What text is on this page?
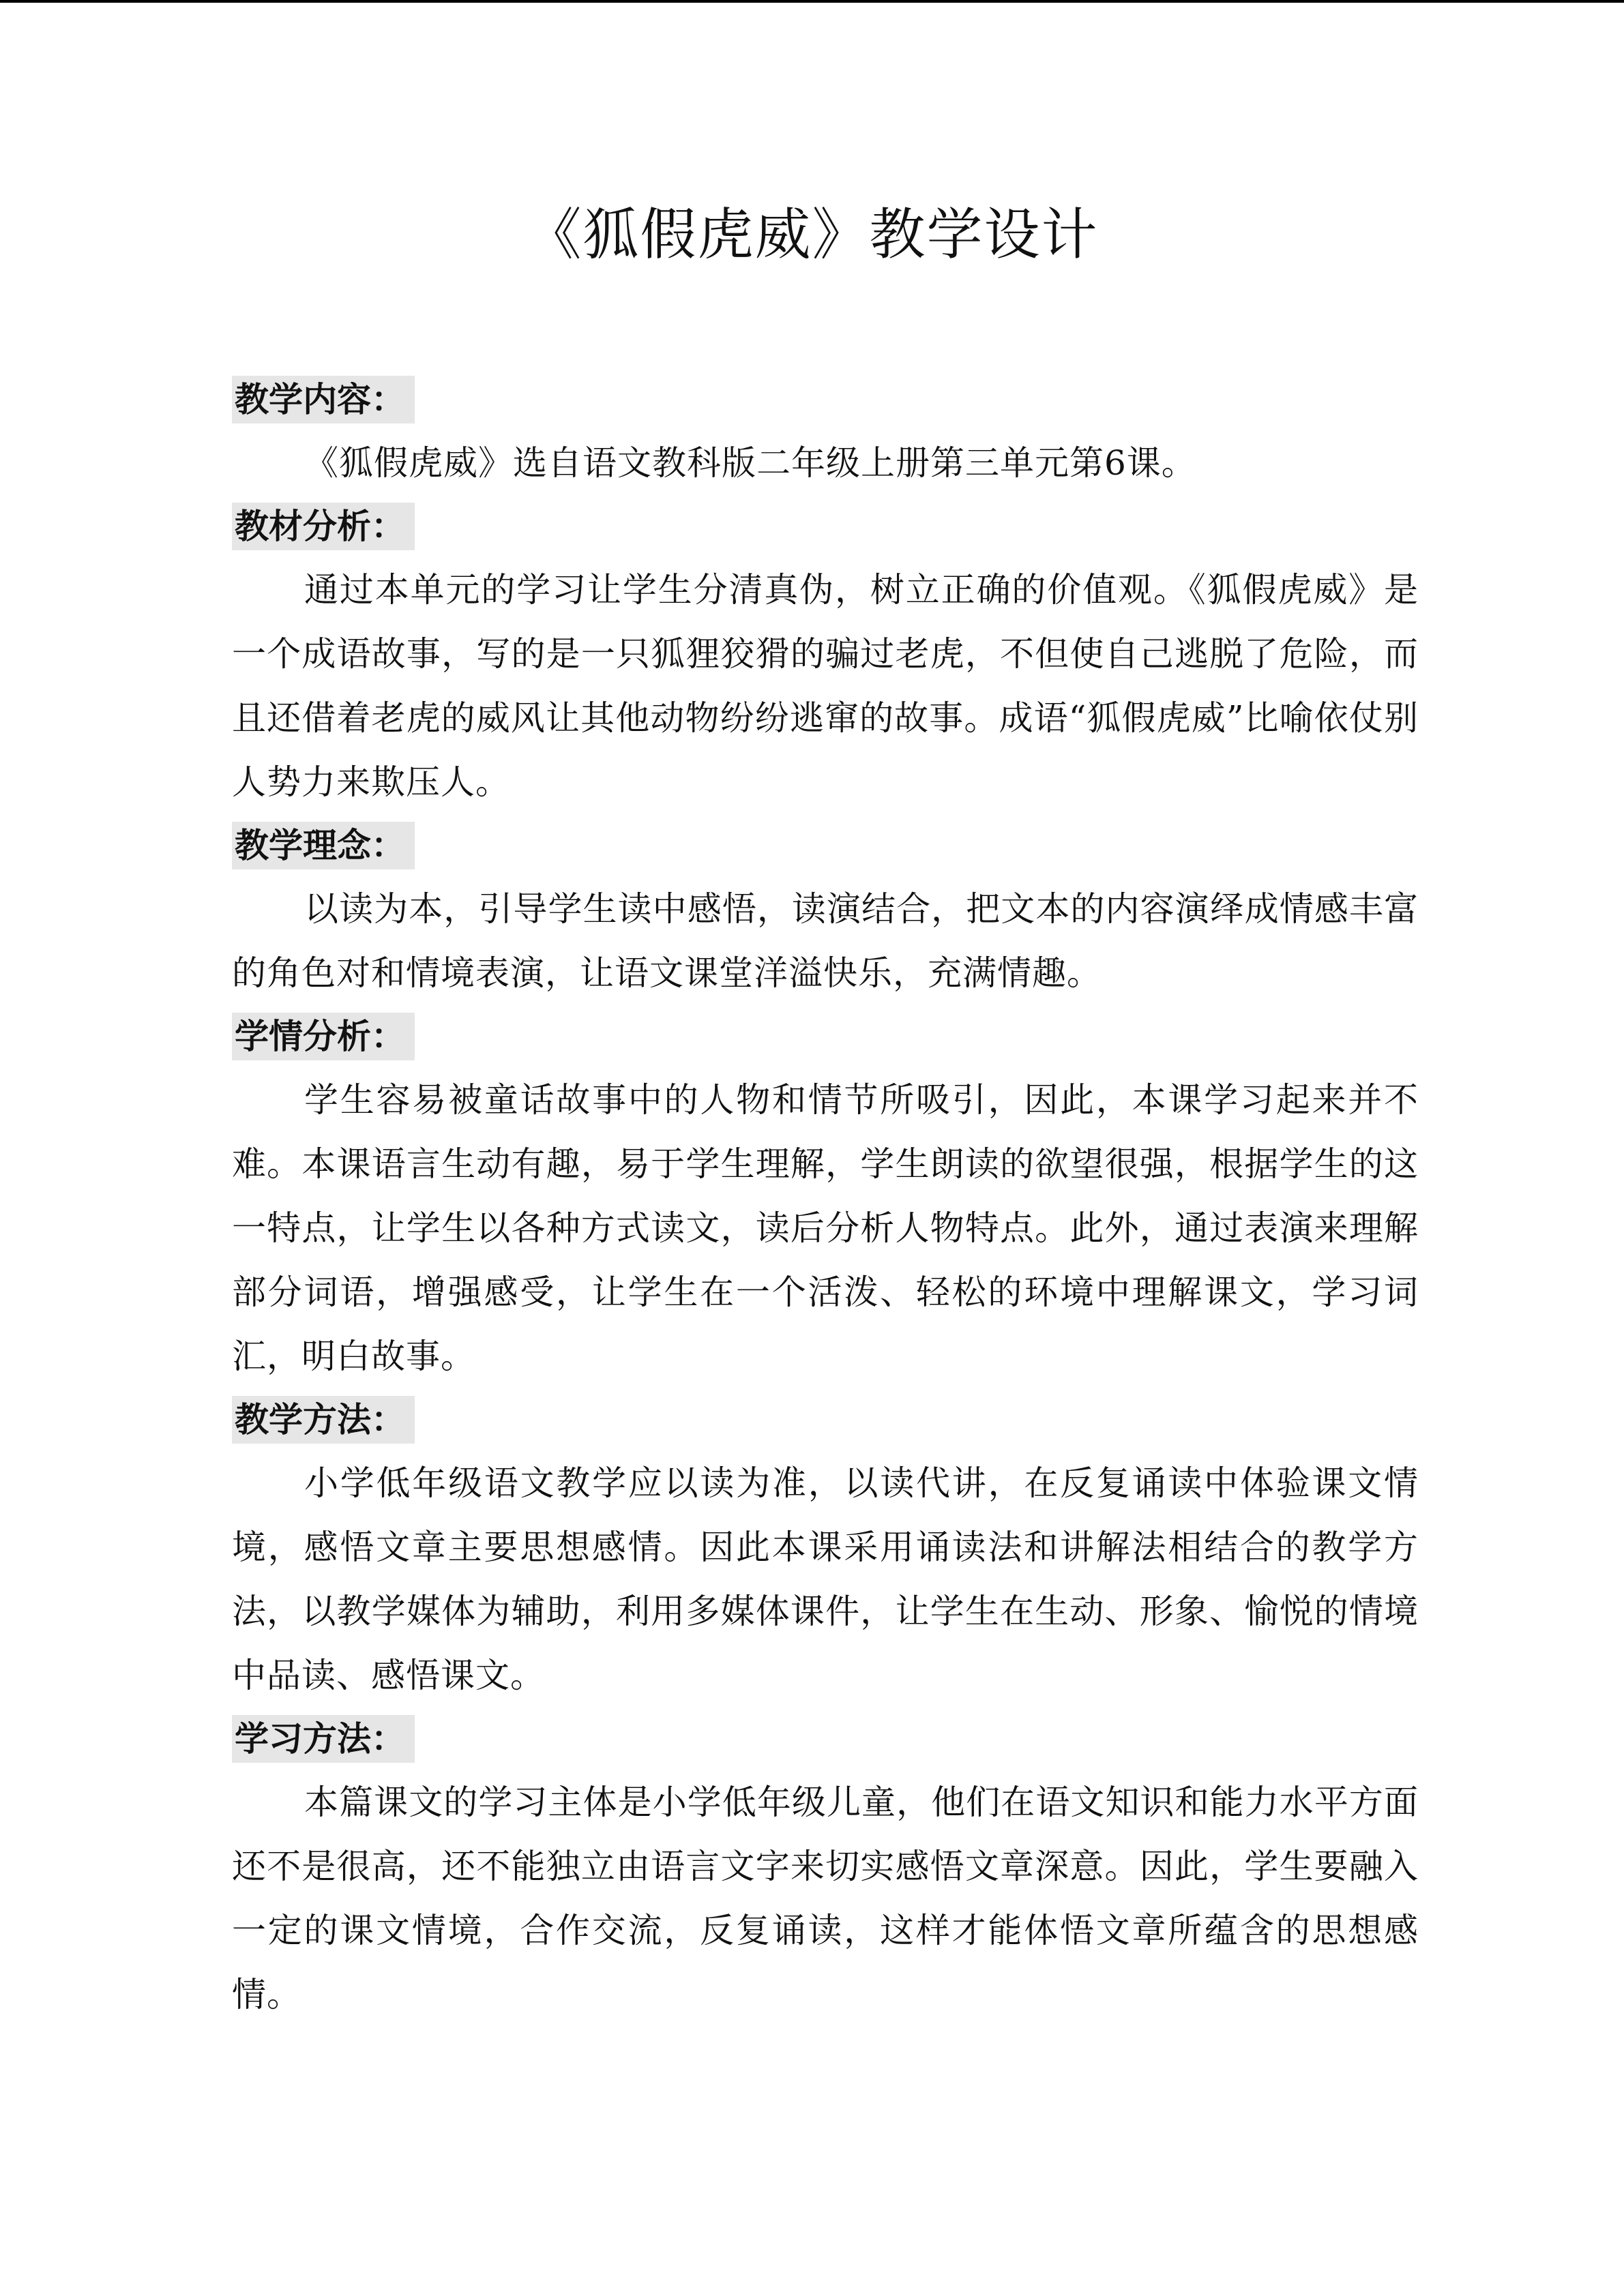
《狐假虎威》教学设计
教学内容：

《狐假虎威》选自语文教科版二年级上册第三单元第6课。

教材分析：

通过本单元的学习让学生分清真伪，树立正确的价值观。《狐假虎威》是一个成语故事，写的是一只狐狸狡猾的骗过老虎，不但使自己逃脱了危险，而且还借着老虎的威风让其他动物纷纷逃窜的故事。成语“狐假虎威”比喻依仗别人势力来欺压人。

教学理念：

以读为本，引导学生读中感悟，读演结合，把文本的内容演绎成情感丰富的角色对和情境表演，让语文课堂洋溢快乐，充满情趣。

学情分析：

学生容易被童话故事中的人物和情节所吸引，因此，本课学习起来并不难。本课语言生动有趣，易于学生理解，学生朗读的欲望很强，根据学生的这一特点，让学生以各种方式读文，读后分析人物特点。此外，通过表演来理解部分词语，增强感受，让学生在一个活泼、轻松的环境中理解课文，学习词汇，明白故事。

教学方法：

小学低年级语文教学应以读为准，以读代讲，在反复诵读中体验课文情境，感悟文章主要思想感情。因此本课采用诵读法和讲解法相结合的教学方法，以教学媒体为辅助，利用多媒体课件，让学生在生动、形象、愉悦的情境中品读、感悟课文。

学习方法：

本篇课文的学习主体是小学低年级儿童，他们在语文知识和能力水平方面还不是很高，还不能独立由语言文字来切实感悟文章深意。因此，学生要融入一定的课文情境，合作交流，反复诵读，这样才能体悟文章所蕴含的思想感情。
